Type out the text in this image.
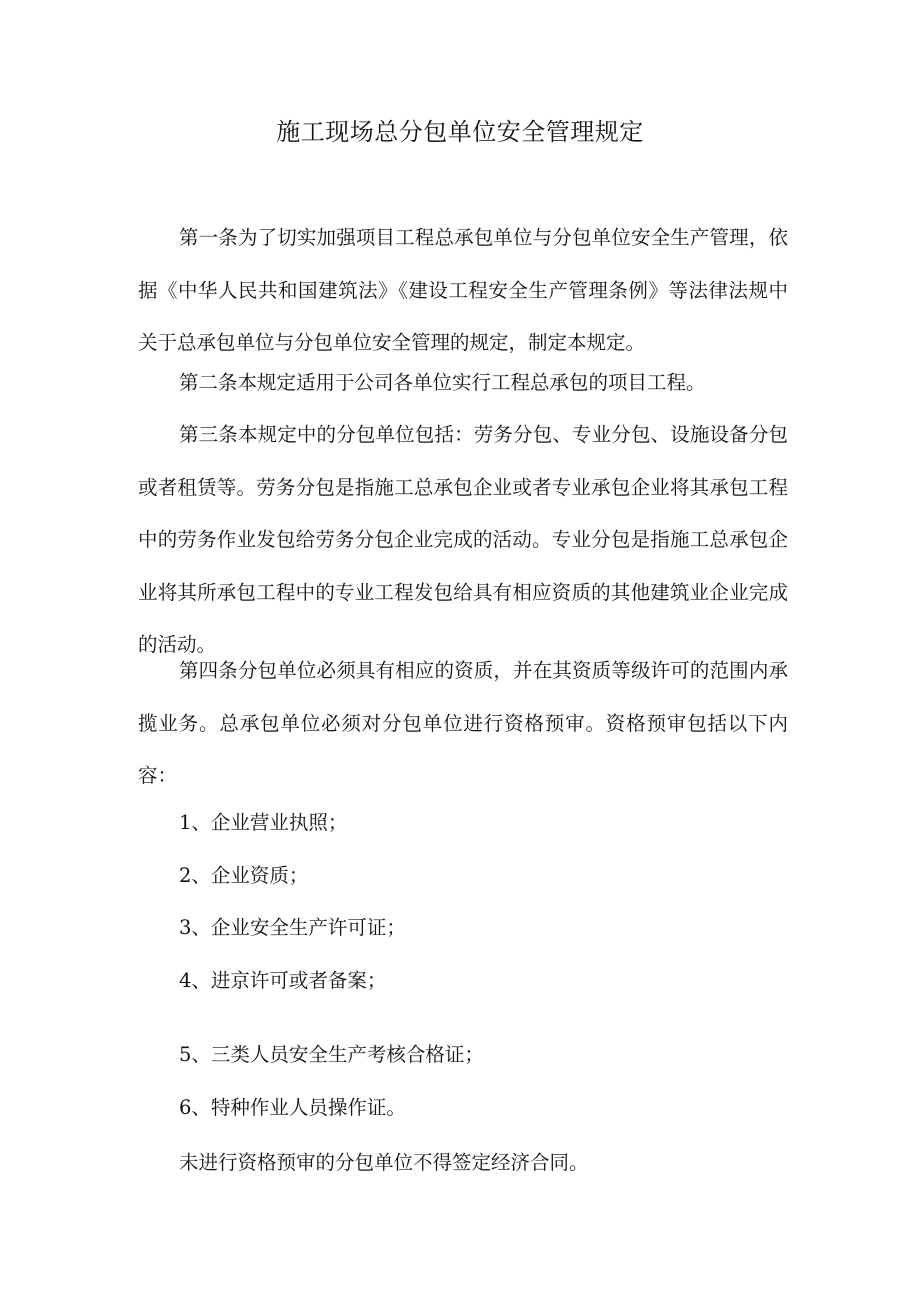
施工现场总分包单位安全管理规定

第一条为了切实加强项目工程总承包单位与分包单位安全生产管理，依据《中华人民共和国建筑法》《建设工程安全生产管理条例》等法律法规中关于总承包单位与分包单位安全管理的规定，制定本规定。

第二条本规定适用于公司各单位实行工程总承包的项目工程。

第三条本规定中的分包单位包括：劳务分包、专业分包、设施设备分包或者租赁等。劳务分包是指施工总承包企业或者专业承包企业将其承包工程中的劳务作业发包给劳务分包企业完成的活动。专业分包是指施工总承包企业将其所承包工程中的专业工程发包给具有相应资质的其他建筑业企业完成的活动。

第四条分包单位必须具有相应的资质，并在其资质等级许可的范围内承揽业务。总承包单位必须对分包单位进行资格预审。资格预审包括以下内容：

1、企业营业执照；
2、企业资质；
3、企业安全生产许可证；
4、进京许可或者备案；
5、三类人员安全生产考核合格证；
6、特种作业人员操作证。
未进行资格预审的分包单位不得签定经济合同。
